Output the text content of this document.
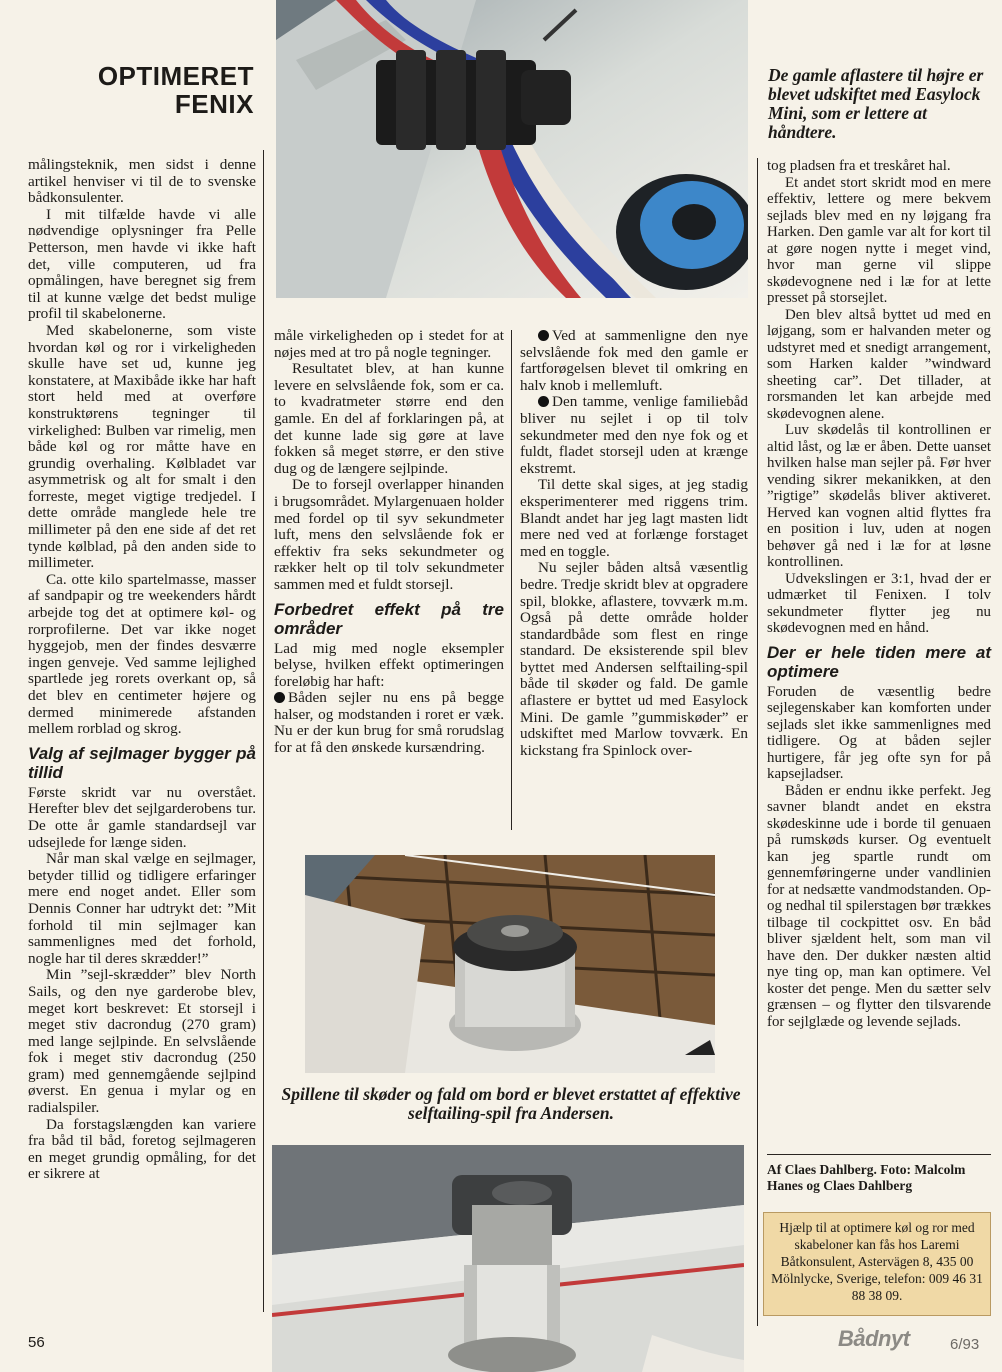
OPTIMERET
FENIX
De gamle aflastere til højre er blevet udskiftet med Easylock Mini, som er lettere at håndtere.

målingsteknik, men sidst i denne artikel henviser vi til de to svenske bådkonsulenter.

I mit tilfælde havde vi alle nødvendige oplysninger fra Pelle Petterson, men havde vi ikke haft det, ville computeren, ud fra opmålingen, have beregnet sig frem til at kunne vælge det bedst mulige profil til skabelonerne.

Med skabelonerne, som viste hvordan køl og ror i virkeligheden skulle have set ud, kunne jeg konstatere, at Maxibåde ikke har haft stort held med at overføre konstruktørens tegninger til virkelighed: Bulben var rimelig, men både køl og ror måtte have en grundig overhaling. Kølbladet var asymmetrisk og alt for smalt i den forreste, meget vigtige tredjedel. I dette område manglede hele tre millimeter på den ene side af det ret tynde kølblad, på den anden side to millimeter.

Ca. otte kilo spartelmasse, masser af sandpapir og tre weekenders hårdt arbejde tog det at optimere køl- og rorprofilerne. Det var ikke noget hyggejob, men der findes desværre ingen genveje. Ved samme lejlighed spartlede jeg rorets overkant op, så det blev en centimeter højere og dermed minimerede afstanden mellem rorblad og skrog.

Valg af sejlmager bygger på tillid

Første skridt var nu overstået. Herefter blev det sejlgarderobens tur. De otte år gamle standardsejl var udsejlede for længe siden.

Når man skal vælge en sejlmager, betyder tillid og tidligere erfaringer mere end noget andet. Eller som Dennis Conner har udtrykt det: ”Mit forhold til min sejlmager kan sammenlignes med det forhold, nogle har til deres skrædder!”

Min ”sejl-skrædder” blev North Sails, og den nye garderobe blev, meget kort beskrevet: Et storsejl i meget stiv dacrondug (270 gram) med lange sejlpinde. En selvslående fok i meget stiv dacrondug (250 gram) med gennemgående sejlpind øverst. En genua i mylar og en radialspiler.

Da forstagslængden kan variere fra båd til båd, foretog sejlmageren en meget grundig opmåling, for det er sikrere at

måle virkeligheden op i stedet for at nøjes med at tro på nogle tegninger.

Resultatet blev, at han kunne levere en selvslående fok, som er ca. to kvadratmeter større end den gamle. En del af forklaringen på, at det kunne lade sig gøre at lave fokken så meget større, er den stive dug og de længere sejlpinde.

De to forsejl overlapper hinanden i brugsområdet. Mylargenuaen holder med fordel op til syv sekundmeter luft, mens den selvslående fok er effektiv fra seks sekundmeter og rækker helt op til tolv sekundmeter sammen med et fuldt storsejl.

Forbedret effekt på tre områder

Lad mig med nogle eksempler belyse, hvilken effekt optimeringen foreløbig har haft:

Båden sejler nu ens på begge halser, og modstanden i roret er væk. Nu er der kun brug for små rorudslag for at få den ønskede kursændring.

Ved at sammenligne den nye selvslående fok med den gamle er fartforøgelsen blevet til omkring en halv knob i mellemluft.

Den tamme, venlige familiebåd bliver nu sejlet i op til tolv sekundmeter med den nye fok og et fuldt, fladet storsejl uden at krænge ekstremt.

Til dette skal siges, at jeg stadig eksperimenterer med riggens trim. Blandt andet har jeg lagt masten lidt mere ned ved at forlænge forstaget med en toggle.

Nu sejler båden altså væsentlig bedre. Tredje skridt blev at opgradere spil, blokke, aflastere, tovværk m.m. Også på dette område holder standardbåde som flest en ringe standard. De eksisterende spil blev byttet med Andersen selftailing-spil både til skøder og fald. De gamle aflastere er byttet ud med Easylock Mini. De gamle ”gummiskøder” er udskiftet med Marlow tovværk. En kickstang fra Spinlock over-

tog pladsen fra et treskåret hal.

Et andet stort skridt mod en mere effektiv, lettere og mere bekvem sejlads blev med en ny løjgang fra Harken. Den gamle var alt for kort til at gøre nogen nytte i meget vind, hvor man gerne vil slippe skødevognene ned i læ for at lette presset på storsejlet.

Den blev altså byttet ud med en løjgang, som er halvanden meter og udstyret med et snedigt arrangement, som Harken kalder ”windward sheeting car”. Det tillader, at rorsmanden let kan arbejde med skødevognen alene.

Luv skødelås til kontrollinen er altid låst, og læ er åben. Dette uanset hvilken halse man sejler på. Før hver vending sikrer mekanikken, at den ”rigtige” skødelås bliver aktiveret. Herved kan vognen altid flyttes fra en position i luv, uden at nogen behøver gå ned i læ for at løsne kontrollinen.

Udvekslingen er 3:1, hvad der er udmærket til Fenixen. I tolv sekundmeter flytter jeg nu skødevognen med en hånd.

Der er hele tiden mere at optimere

Foruden de væsentlig bedre sejlegenskaber kan komforten under sejlads slet ikke sammenlignes med tidligere. Og at båden sejler hurtigere, får jeg ofte syn for på kapsejladser.

Båden er endnu ikke perfekt. Jeg savner blandt andet en ekstra skødeskinne ude i borde til genuaen på rumskøds kurser. Og eventuelt kan jeg spartle rundt om gennemføringerne under vandlinien for at nedsætte vandmodstanden. Op- og nedhal til spilerstagen bør trækkes tilbage til cockpittet osv. En båd bliver sjældent helt, som man vil have den. Der dukker næsten altid nye ting op, man kan optimere. Vel koster det penge. Men du sætter selv grænsen – og flytter den tilsvarende for sejlglæde og levende sejlads.

Af Claes Dahlberg. Foto: Malcolm Hanes og Claes Dahlberg
Hjælp til at optimere køl og ror med skabeloner kan fås hos Laremi Båtkonsulent, Astervägen 8, 435 00 Mölnlycke, Sverige, telefon: 009 46 31 88 38 09.
Spillene til skøder og fald om bord er blevet erstattet af effektive selftailing-spil fra Andersen.
56	Bådnyt	6/93
